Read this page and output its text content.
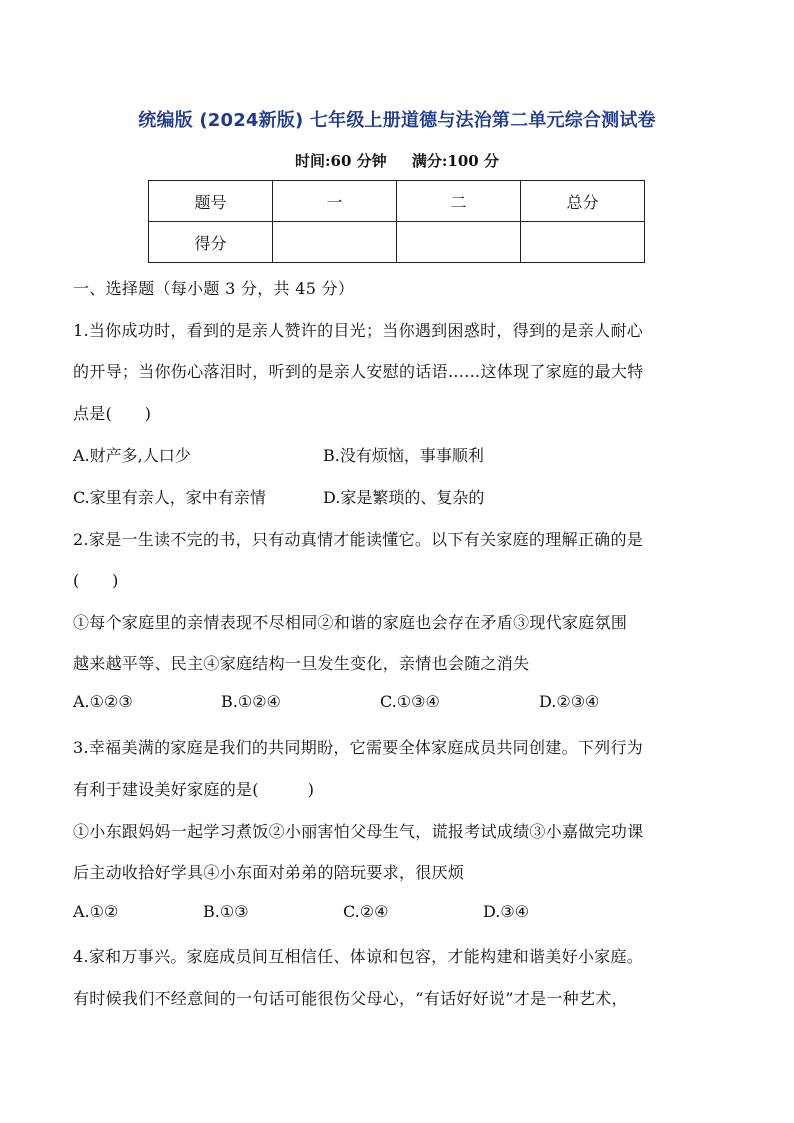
统编版 (2024新版) 七年级上册道德与法治第二单元综合测试卷
时间:60 分钟 满分:100 分
题号	一	二	总分
得分			
一、选择题（每小题 3 分，共 45 分）
1.当你成功时，看到的是亲人赞许的目光；当你遇到困惑时，得到的是亲人耐心
的开导；当你伤心落泪时，听到的是亲人安慰的话语……这体现了家庭的最大特
点是(　　)
A.财产多,人口少	B.没有烦恼，事事顺利
C.家里有亲人，家中有亲情	D.家是繁琐的、复杂的
2.家是一生读不完的书，只有动真情才能读懂它。以下有关家庭的理解正确的是
(　　)
①每个家庭里的亲情表现不尽相同②和谐的家庭也会存在矛盾③现代家庭氛围
越来越平等、民主④家庭结构一旦发生变化，亲情也会随之消失
A.①②③	B.①②④	C.①③④	D.②③④
3.幸福美满的家庭是我们的共同期盼，它需要全体家庭成员共同创建。下列行为
有利于建设美好家庭的是(　　　)
①小东跟妈妈一起学习煮饭②小丽害怕父母生气，谎报考试成绩③小嘉做完功课
后主动收拾好学具④小东面对弟弟的陪玩要求，很厌烦
A.①②	B.①③	C.②④	D.③④
4.家和万事兴。家庭成员间互相信任、体谅和包容，才能构建和谐美好小家庭。
有时候我们不经意间的一句话可能很伤父母心，“有话好好说”才是一种艺术，
